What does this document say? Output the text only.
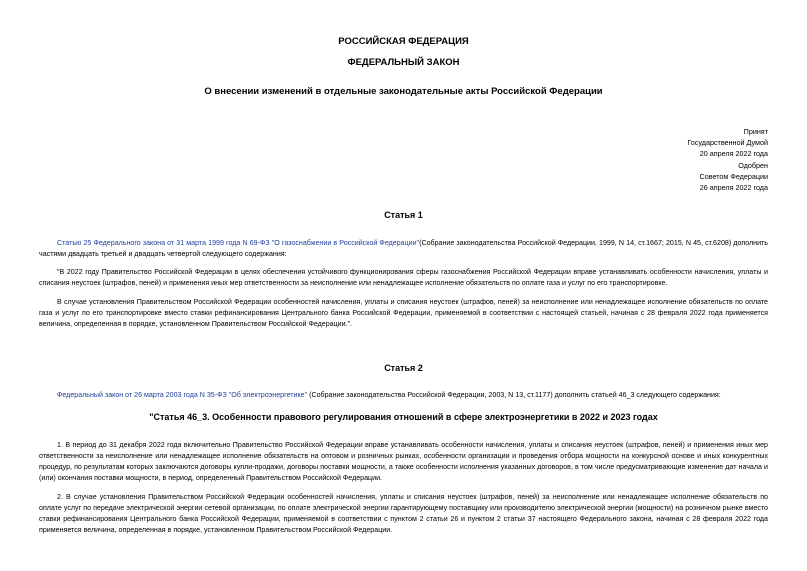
РОССИЙСКАЯ ФЕДЕРАЦИЯ
ФЕДЕРАЛЬНЫЙ ЗАКОН
О внесении изменений в отдельные законодательные акты Российской Федерации
Принят
Государственной Думой
20 апреля 2022 года
Одобрен
Советом Федерации
26 апреля 2022 года
Статья 1
Статью 25 Федерального закона от 31 марта 1999 года N 69-ФЗ "О газоснабжении в Российской Федерации"(Собрание законодательства Российской Федерации, 1999, N 14, ст.1667; 2015, N 45, ст.6208) дополнить частями двадцать третьей и двадцать четвертой следующего содержания:
"В 2022 году Правительство Российской Федерации в целях обеспечения устойчивого функционирования сферы газоснабжения Российской Федерации вправе устанавливать особенности начисления, уплаты и списания неустоек (штрафов, пеней) и применения иных мер ответственности за неисполнение или ненадлежащее исполнение обязательств по оплате газа и услуг по его транспортировке.
В случае установления Правительством Российской Федерации особенностей начисления, уплаты и списания неустоек (штрафов, пеней) за неисполнение или ненадлежащее исполнение обязательств по оплате газа и услуг по его транспортировке вместо ставки рефинансирования Центрального банка Российской Федерации, применяемой в соответствии с настоящей статьей, начиная с 28 февраля 2022 года применяется величина, определенная в порядке, установленном Правительством Российской Федерации.".
Статья 2
Федеральный закон от 26 марта 2003 года N 35-ФЗ "Об электроэнергетике" (Собрание законодательства Российской Федерации, 2003, N 13, ст.1177) дополнить статьей 46_3 следующего содержания:
"Статья 46_3. Особенности правового регулирования отношений в сфере электроэнергетики в 2022 и 2023 годах
1. В период до 31 декабря 2022 года включительно Правительство Российской Федерации вправе устанавливать особенности начисления, уплаты и списания неустоек (штрафов, пеней) и применения иных мер ответственности за неисполнение или ненадлежащее исполнение обязательств на оптовом и розничных рынках, особенности организации и проведения отбора мощности на конкурсной основе и иных конкурентных процедур, по результатам которых заключаются договоры купли-продажи, договоры поставки мощности, а также особенности исполнения указанных договоров, в том числе предусматривающие изменение дат начала и (или) окончания поставки мощности, в период, определенный Правительством Российской Федерации.
2. В случае установления Правительством Российской Федерации особенностей начисления, уплаты и списания неустоек (штрафов, пеней) за неисполнение или ненадлежащее исполнение обязательств по оплате услуг по передаче электрической энергии сетевой организации, по оплате электрической энергии гарантирующему поставщику или производителю электрической энергии (мощности) на розничном рынке вместо ставки рефинансирования Центрального банка Российской Федерации, применяемой в соответствии с пунктом 2 статьи 26 и пунктом 2 статьи 37 настоящего Федерального закона, начиная с 28 февраля 2022 года применяется величина, определенная в порядке, установленном Правительством Российской Федерации.
